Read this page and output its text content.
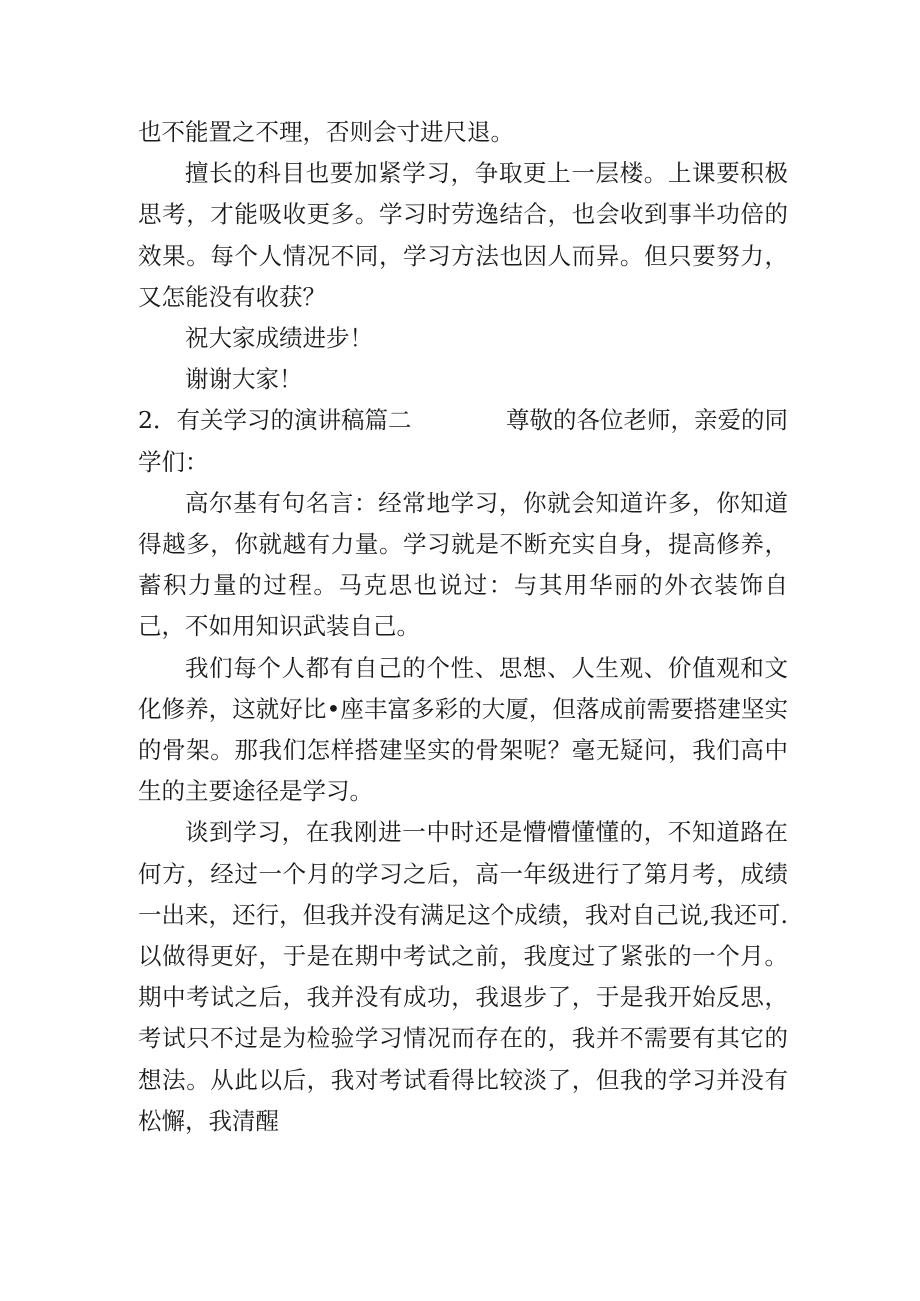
也不能置之不理，否则会寸进尺退。

擅长的科目也要加紧学习，争取更上一层楼。上课要积极思考，才能吸收更多。学习时劳逸结合，也会收到事半功倍的效果。每个人情况不同，学习方法也因人而异。但只要努力，又怎能没有收获？

祝大家成绩进步！

谢谢大家！

2．有关学习的演讲稿篇二	尊敬的各位老师，亲爱的同

学们：

高尔基有句名言：经常地学习，你就会知道许多，你知道得越多，你就越有力量。学习就是不断充实自身，提高修养，蓄积力量的过程。马克思也说过：与其用华丽的外衣装饰自己，不如用知识武装自己。

我们每个人都有自己的个性、思想、人生观、价值观和文化修养，这就好比•座丰富多彩的大厦，但落成前需要搭建坚实的骨架。那我们怎样搭建坚实的骨架呢？毫无疑问，我们高中生的主要途径是学习。

谈到学习，在我刚进一中时还是懵懵懂懂的，不知道路在何方，经过一个月的学习之后，高一年级进行了第月考，成绩一出来，还行，但我并没有满足这个成绩，我对自己说,我还可.以做得更好，于是在期中考试之前，我度过了紧张的一个月。期中考试之后，我并没有成功，我退步了，于是我开始反思，考试只不过是为检验学习情况而存在的，我并不需要有其它的想法。从此以后，我对考试看得比较淡了，但我的学习并没有松懈，我清醒
